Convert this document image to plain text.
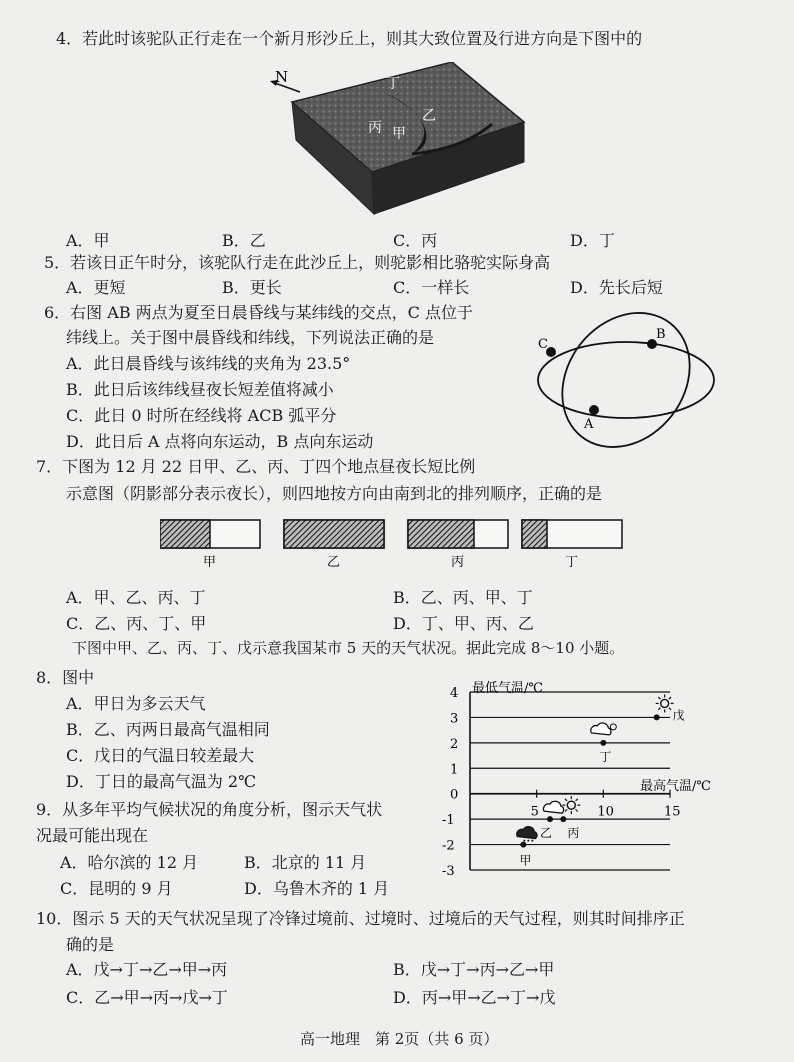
4．若此时该驼队正行走在一个新月形沙丘上，则其大致位置及行进方向是下图中的
N	丁
乙
丙 甲
A．甲	B．乙	C．丙	D．丁
5．若该日正午时分，该驼队行走在此沙丘上，则驼影相比骆驼实际身高
A．更短	B．更长	C．一样长	D．先长后短
6．右图 AB 两点为夏至日晨昏线与某纬线的交点，C 点位于
纬线上。关于图中晨昏线和纬线，下列说法正确的是
A．此日晨昏线与该纬线的夹角为 23.5°
B．此日后该纬线昼夜长短差值将减小
C．此日 0 时所在经线将 ACB 弧平分
D．此日后 A 点将向东运动，B 点向东运动
C
B
A
7．下图为 12 月 22 日甲、乙、丙、丁四个地点昼夜长短比例
示意图（阴影部分表示夜长），则四地按方向由南到北的排列顺序，正确的是
甲	乙	丙	丁
A．甲、乙、丙、丁	B．乙、丙、甲、丁
C．乙、丙、丁、甲	D．丁、甲、丙、乙
下图中甲、乙、丙、丁、戊示意我国某市 5 天的天气状况。据此完成 8～10 小题。
8．图中
A．甲日为多云天气
B．乙、丙两日最高气温相同
C．戊日的气温日较差最大
D．丁日的最高气温为 2℃
9．从多年平均气候状况的角度分析，图示天气状
况最可能出现在
A．哈尔滨的 12 月	B．北京的 11 月
C．昆明的 9 月	D．乌鲁木齐的 1 月
4
3
2
1
0
-1
-2
-3
5	10	15
甲
乙 丙
丁
戊
最低气温/℃
最高气温/℃
10．图示 5 天的天气状况呈现了冷锋过境前、过境时、过境后的天气过程，则其时间排序正
确的是
A．戊→丁→乙→甲→丙	B．戊→丁→丙→乙→甲
C．乙→甲→丙→戊→丁	D．丙→甲→乙→丁→戊
高一地理　第 2页（共 6 页）
